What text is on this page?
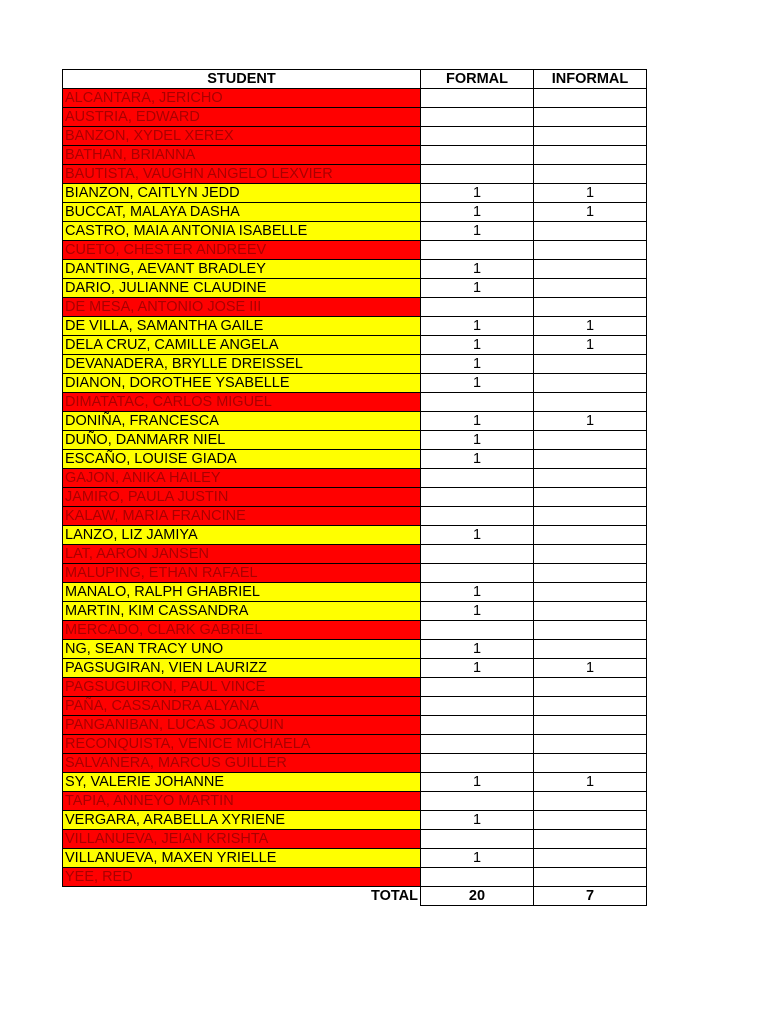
STUDENT	FORMAL	INFORMAL
ALCANTARA, JERICHO		
AUSTRIA, EDWARD		
BANZON, XYDEL XEREX		
BATHAN, BRIANNA		
BAUTISTA, VAUGHN ANGELO LEXVIER		
BIANZON, CAITLYN JEDD	1	1
BUCCAT, MALAYA DASHA	1	1
CASTRO, MAIA ANTONIA ISABELLE	1	
CUETO, CHESTER ANDREEV		
DANTING, AEVANT BRADLEY	1	
DARIO, JULIANNE CLAUDINE	1	
DE MESA, ANTONIO JOSE III		
DE VILLA, SAMANTHA GAILE	1	1
DELA CRUZ, CAMILLE ANGELA	1	1
DEVANADERA, BRYLLE DREISSEL	1	
DIANON, DOROTHEE YSABELLE	1	
DIMATATAC, CARLOS MIGUEL		
DONIÑA, FRANCESCA	1	1
DUÑO, DANMARR NIEL	1	
ESCAÑO, LOUISE GIADA	1	
GAJON, ANIKA HAILEY		
JAMIRO, PAULA JUSTIN		
KALAW, MARIA FRANCINE		
LANZO, LIZ JAMIYA	1	
LAT, AARON JANSEN		
MALUPING, ETHAN RAFAEL		
MANALO, RALPH GHABRIEL	1	
MARTIN, KIM CASSANDRA	1	
MERCADO, CLARK GABRIEL		
NG, SEAN TRACY UNO	1	
PAGSUGIRAN, VIEN LAURIZZ	1	1
PAGSUGUIRON, PAUL VINCE		
PAÑA, CASSANDRA ALYANA		
PANGANIBAN, LUCAS JOAQUIN		
RECONQUISTA, VENICE MICHAELA		
SALVANERA, MARCUS GUILLER		
SY, VALERIE JOHANNE	1	1
TAPIA, ANNEYO MARTIN		
VERGARA, ARABELLA XYRIENE	1	
VILLANUEVA, JEIAN KRISHTA		
VILLANUEVA, MAXEN YRIELLE	1	
YEE, RED		
TOTAL	20	7
